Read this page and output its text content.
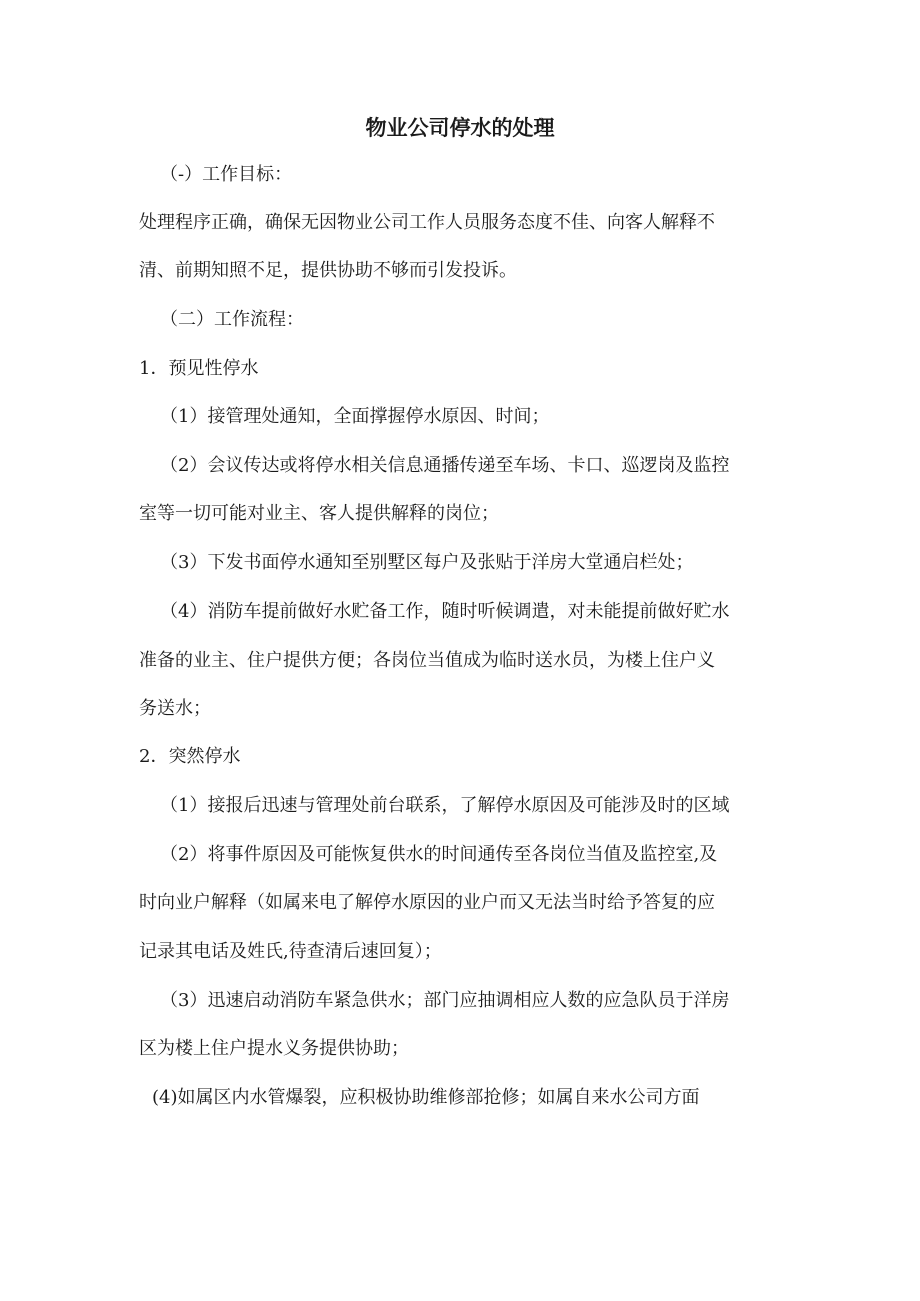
物业公司停水的处理

（-）工作目标：

处理程序正确，确保无因物业公司工作人员服务态度不佳、向客人解释不

清、前期知照不足，提供协助不够而引发投诉。

（二）工作流程：

1．预见性停水

（1）接管理处通知，全面撑握停水原因、时间；

（2）会议传达或将停水相关信息通播传递至车场、卡口、巡逻岗及监控

室等一切可能对业主、客人提供解释的岗位；

（3）下发书面停水通知至别墅区每户及张贴于洋房大堂通启栏处；

（4）消防车提前做好水贮备工作，随时听候调遣，对未能提前做好贮水

准备的业主、住户提供方便；各岗位当值成为临时送水员，为楼上住户义

务送水；

2．突然停水

（1）接报后迅速与管理处前台联系，了解停水原因及可能涉及时的区域

（2）将事件原因及可能恢复供水的时间通传至各岗位当值及监控室,及

时向业户解释（如属来电了解停水原因的业户而又无法当时给予答复的应

记录其电话及姓氏,待查清后速回复）；

（3）迅速启动消防车紧急供水；部门应抽调相应人数的应急队员于洋房

区为楼上住户提水义务提供协助；

(4)如属区内水管爆裂，应积极协助维修部抢修；如属自来水公司方面
